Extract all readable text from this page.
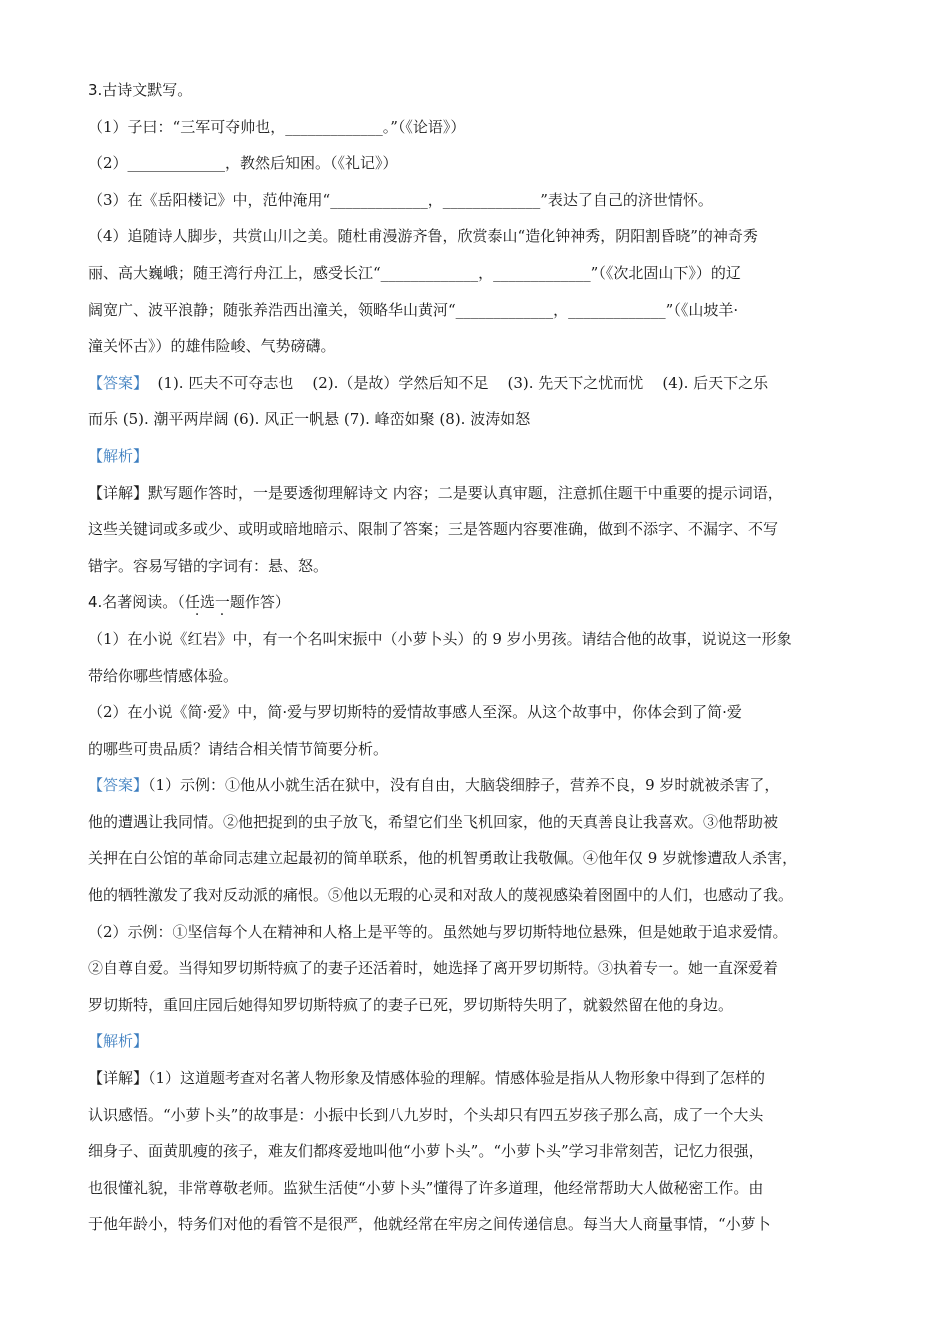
3.古诗文默写。
（1）子曰：“三军可夺帅也，_____________。”（《论语》）
（2）_____________，教然后知困。（《礼记》）
（3）在《岳阳楼记》中，范仲淹用“_____________，_____________”表达了自己的济世情怀。
（4）追随诗人脚步，共赏山川之美。随杜甫漫游齐鲁，欣赏泰山“造化钟神秀，阴阳割昏晓”的神奇秀
丽、高大巍峨；随王湾行舟江上，感受长江“_____________，_____________”（《次北固山下》）的辽
阔宽广、波平浪静；随张养浩西出潼关，领略华山黄河“_____________，_____________”（《山坡羊·
潼关怀古》）的雄伟险峻、气势磅礴。
【答案】  (1). 匹夫不可夺志也    (2).（是故）学然后知不足    (3). 先天下之忧而忧    (4). 后天下之乐
而乐 (5). 潮平两岸阔 (6). 风正一帆悬 (7). 峰峦如聚 (8). 波涛如怒
【解析】
【详解】默写题作答时，一是要透彻理解诗文 内容；二是要认真审题，注意抓住题干中重要的提示词语，
这些关键词或多或少、或明或暗地暗示、限制了答案；三是答题内容要准确，做到不添字、不漏字、不写
错字。容易写错的字词有：悬、怒。
4.名著阅读。（任选一题 · ·作答）
（1）在小说《红岩》中，有一个名叫宋振中（小萝卜头）的 9 岁小男孩。请结合他的故事，说说这一形象
带给你哪些情感体验。
（2）在小说《简·爱》中，简·爱与罗切斯特的爱情故事感人至深。从这个故事中，你体会到了简·爱
的哪些可贵品质？请结合相关情节简要分析。
【答案】（1）示例：①他从小就生活在狱中，没有自由，大脑袋细脖子，营养不良，9 岁时就被杀害了，
他的遭遇让我同情。②他把捉到的虫子放飞，希望它们坐飞机回家，他的天真善良让我喜欢。③他帮助被
关押在白公馆的革命同志建立起最初的简单联系，他的机智勇敢让我敬佩。④他年仅 9 岁就惨遭敌人杀害，
他的牺牲激发了我对反动派的痛恨。⑤他以无瑕的心灵和对敌人的蔑视感染着囹圄中的人们，也感动了我。
（2）示例：①坚信每个人在精神和人格上是平等的。虽然她与罗切斯特地位悬殊，但是她敢于追求爱情。
②自尊自爱。当得知罗切斯特疯了的妻子还活着时，她选择了离开罗切斯特。③执着专一。她一直深爱着
罗切斯特，重回庄园后她得知罗切斯特疯了的妻子已死，罗切斯特失明了，就毅然留在他的身边。
【解析】
【详解】（1）这道题考查对名著人物形象及情感体验的理解。情感体验是指从人物形象中得到了怎样的
认识感悟。“小萝卜头”的故事是：小振中长到八九岁时，个头却只有四五岁孩子那么高，成了一个大头
细身子、面黄肌瘦的孩子，难友们都疼爱地叫他“小萝卜头”。“小萝卜头”学习非常刻苦，记忆力很强，
也很懂礼貌，非常尊敬老师。监狱生活使“小萝卜头”懂得了许多道理，他经常帮助大人做秘密工作。由
于他年龄小，特务们对他的看管不是很严，他就经常在牢房之间传递信息。每当大人商量事情，“小萝卜
